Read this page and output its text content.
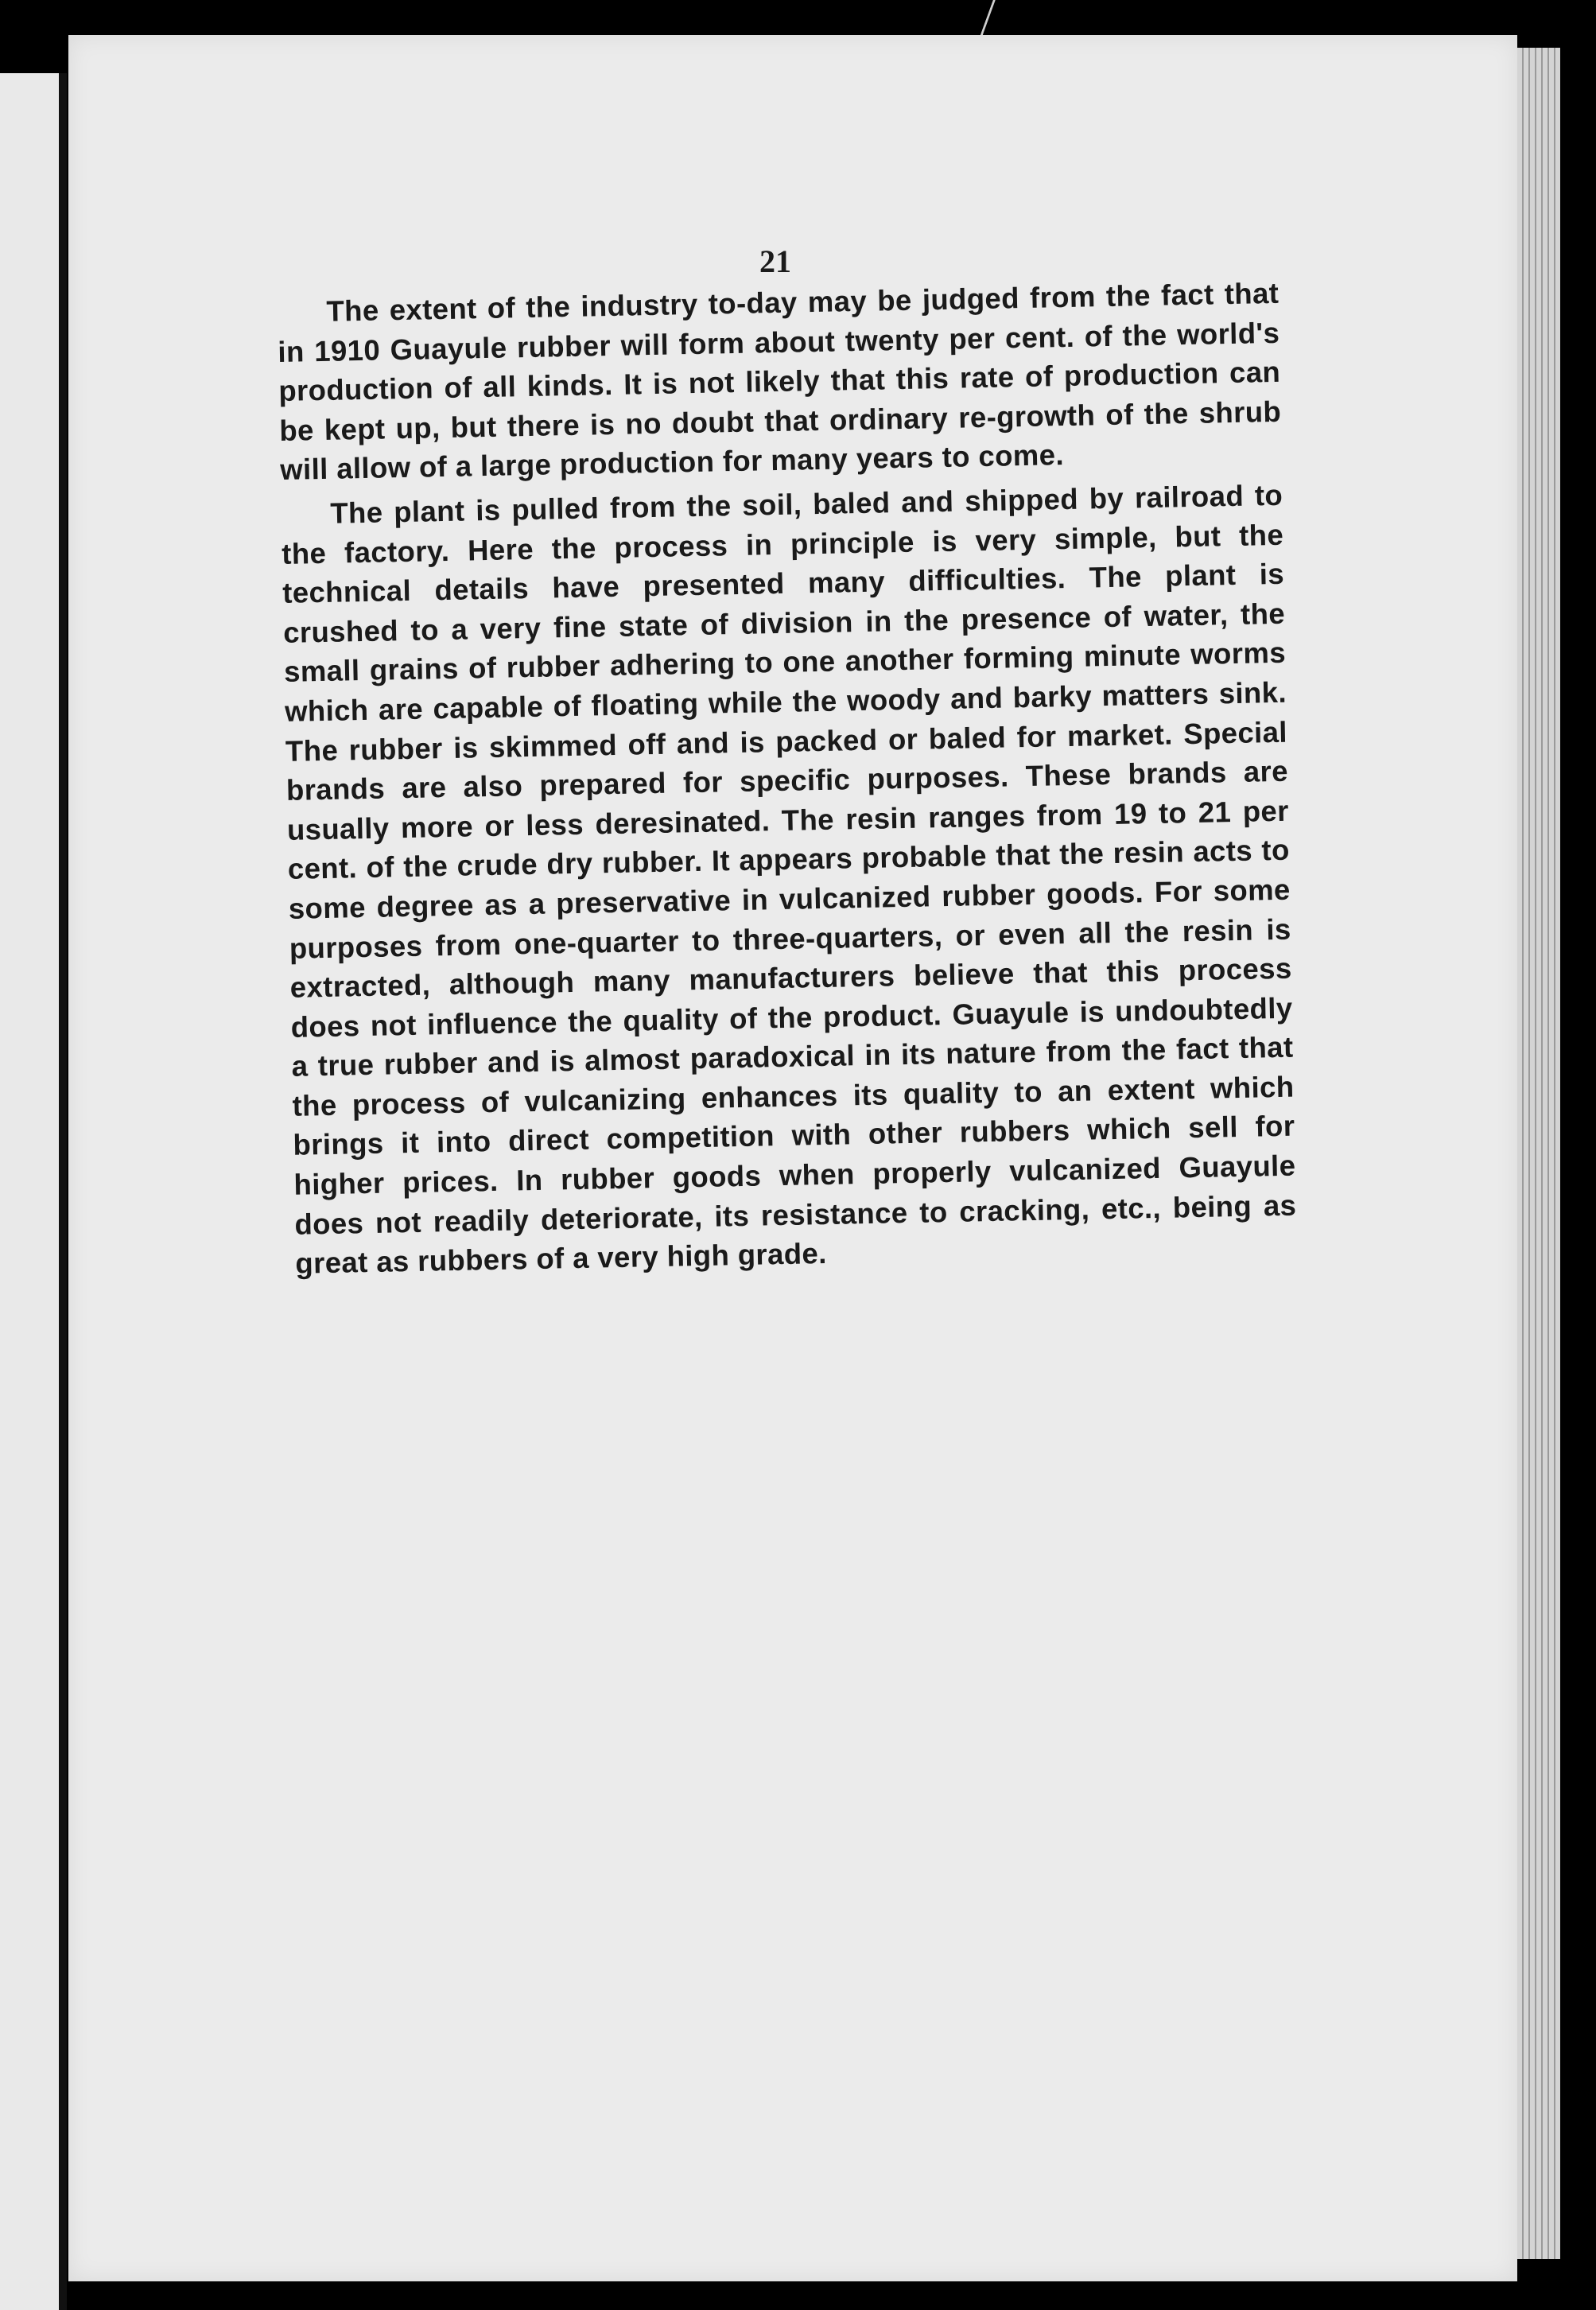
21

The extent of the industry to-day may be judged from the fact that in 1910 Guayule rubber will form about twenty per cent. of the world's production of all kinds. It is not likely that this rate of production can be kept up, but there is no doubt that ordinary re-growth of the shrub will allow of a large production for many years to come.

The plant is pulled from the soil, baled and shipped by railroad to the factory. Here the process in principle is very simple, but the technical details have presented many difficulties. The plant is crushed to a very fine state of division in the presence of water, the small grains of rubber adhering to one another forming minute worms which are capable of floating while the woody and barky matters sink. The rubber is skimmed off and is packed or baled for market. Special brands are also prepared for specific purposes. These brands are usually more or less deresinated. The resin ranges from 19 to 21 per cent. of the crude dry rubber. It appears probable that the resin acts to some degree as a preservative in vulcanized rubber goods. For some purposes from one-quarter to three-quarters, or even all the resin is extracted, although many manufacturers believe that this process does not influence the quality of the product. Guayule is undoubtedly a true rubber and is almost paradoxical in its nature from the fact that the process of vulcanizing enhances its quality to an extent which brings it into direct competition with other rubbers which sell for higher prices. In rubber goods when properly vulcanized Guayule does not readily deteriorate, its resistance to cracking, etc., being as great as rubbers of a very high grade.
